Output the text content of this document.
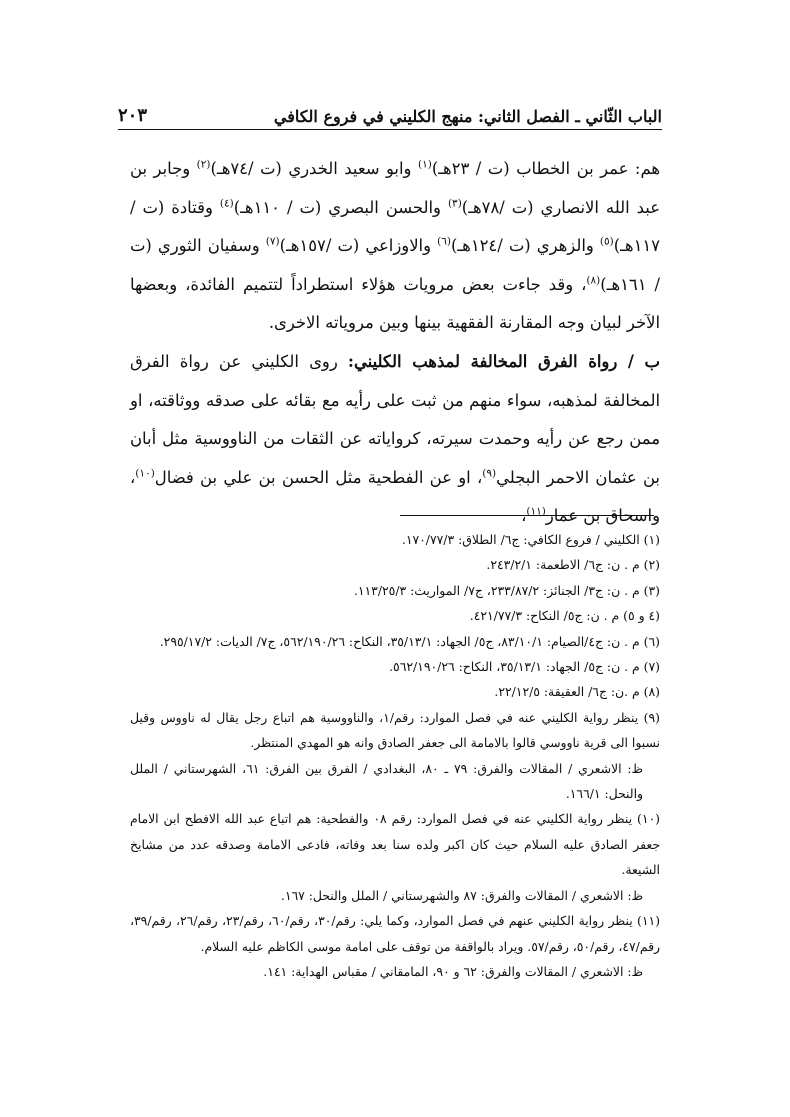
الباب الثّاني ـ الفصل الثاني: منهج الكليني في فروع الكافي
٢٠٣

هم: عمر بن الخطاب (ت / ٢٣هـ)$^{(١)}$ وابو سعيد الخدري (ت /٧٤هـ)$^{(٢)}$ وجابر بن عبد الله الانصاري (ت /٧٨هـ)$^{(٣)}$ والحسن البصري (ت / ١١٠هـ)$^{(٤)}$ وقتادة (ت /١١٧هـ)$^{(٥)}$ والزهري (ت /١٢٤هـ)$^{(٦)}$ والاوزاعي (ت /١٥٧هـ)$^{(٧)}$ وسفيان الثوري (ت / ١٦١هـ)$^{(٨)}$، وقد جاءت بعض مرويات هؤلاء استطراداً لتتميم الفائدة، وبعضها الآخر لبيان وجه المقارنة الفقهية بينها وبين مروياته الاخرى.

ب / رواة الفرق المخالفة لمذهب الكليني: روى الكليني عن رواة الفرق المخالفة لمذهبه، سواء منهم من ثبت على رأيه مع بقائه على صدقه ووثاقته، او ممن رجع عن رأيه وحمدت سيرته، كرواياته عن الثقات من الناووسية مثل أبان بن عثمان الاحمر البجلي$^{(٩)}$، او عن الفطحية مثل الحسن بن علي بن فضال$^{(١٠)}$، واسحاق بن عمار$^{(١١)}$،

(١) الكليني / فروع الكافي: ج٦/ الطلاق: ١٧٠/٧٧/٣.

(٢) م . ن: ج٦/ الاطعمة: ٢٤٣/٢/١.

(٣) م . ن: ج٣/ الجنائز: ٢٣٣/٨٧/٢، ج٧/ المواريث: ١١٣/٢٥/٣.

(٤ و ٥) م . ن: ج٥/ النكاح: ٤٢١/٧٧/٣.

(٦) م . ن: ج٤/الصيام: ٨٣/١٠/١، ج٥/ الجهاد: ٣٥/١٣/١، النكاح: ٥٦٢/١٩٠/٢٦، ج٧/ الديات: ٢٩٥/١٧/٢.

(٧) م . ن: ج٥/ الجهاد: ٣٥/١٣/١، النكاح: ٥٦٢/١٩٠/٢٦.

(٨) م .ن: ج٦/ العقيقة: ٢٢/١٢/٥.

(٩) ينظر رواية الكليني عنه في فصل الموارد: رقم/١، والناووسية هم اتباع رجل يقال له ناووس وقيل نسبوا الى قرية ناووسي قالوا بالامامة الى جعفر الصادق وانه هو المهدي المنتظر.

ظ: الاشعري / المقالات والفرق: ٧٩ ـ ٨٠، البغدادي / الفرق بين الفرق: ٦١، الشهرستاني / الملل والنحل: ١٦٦/١.

(١٠) ينظر رواية الكليني عنه في فصل الموارد: رقم ٠٨ والفطحية: هم اتباع عبد الله الافطح ابن الامام جعفر الصادق عليه السلام حيث كان اكبر ولده سنا بعد وفاته، فادعى الامامة وصدقه عدد من مشايخ الشيعة.

ظ: الاشعري / المقالات والفرق: ٨٧ والشهرستاني / الملل والنحل: ١٦٧.

(١١) ينظر رواية الكليني عنهم في فصل الموارد، وكما يلي: رقم/٣٠، رقم/٦٠، رقم/٢٣، رقم/٢٦، رقم/٣٩، رقم/٤٧، رقم/٥٠، رقم/٥٧. ويراد بالواقفة من توقف على امامة موسى الكاظم عليه السلام.

ظ: الاشعري / المقالات والفرق: ٦٢ و ٩٠، المامقاني / مقباس الهداية: ١٤١.
